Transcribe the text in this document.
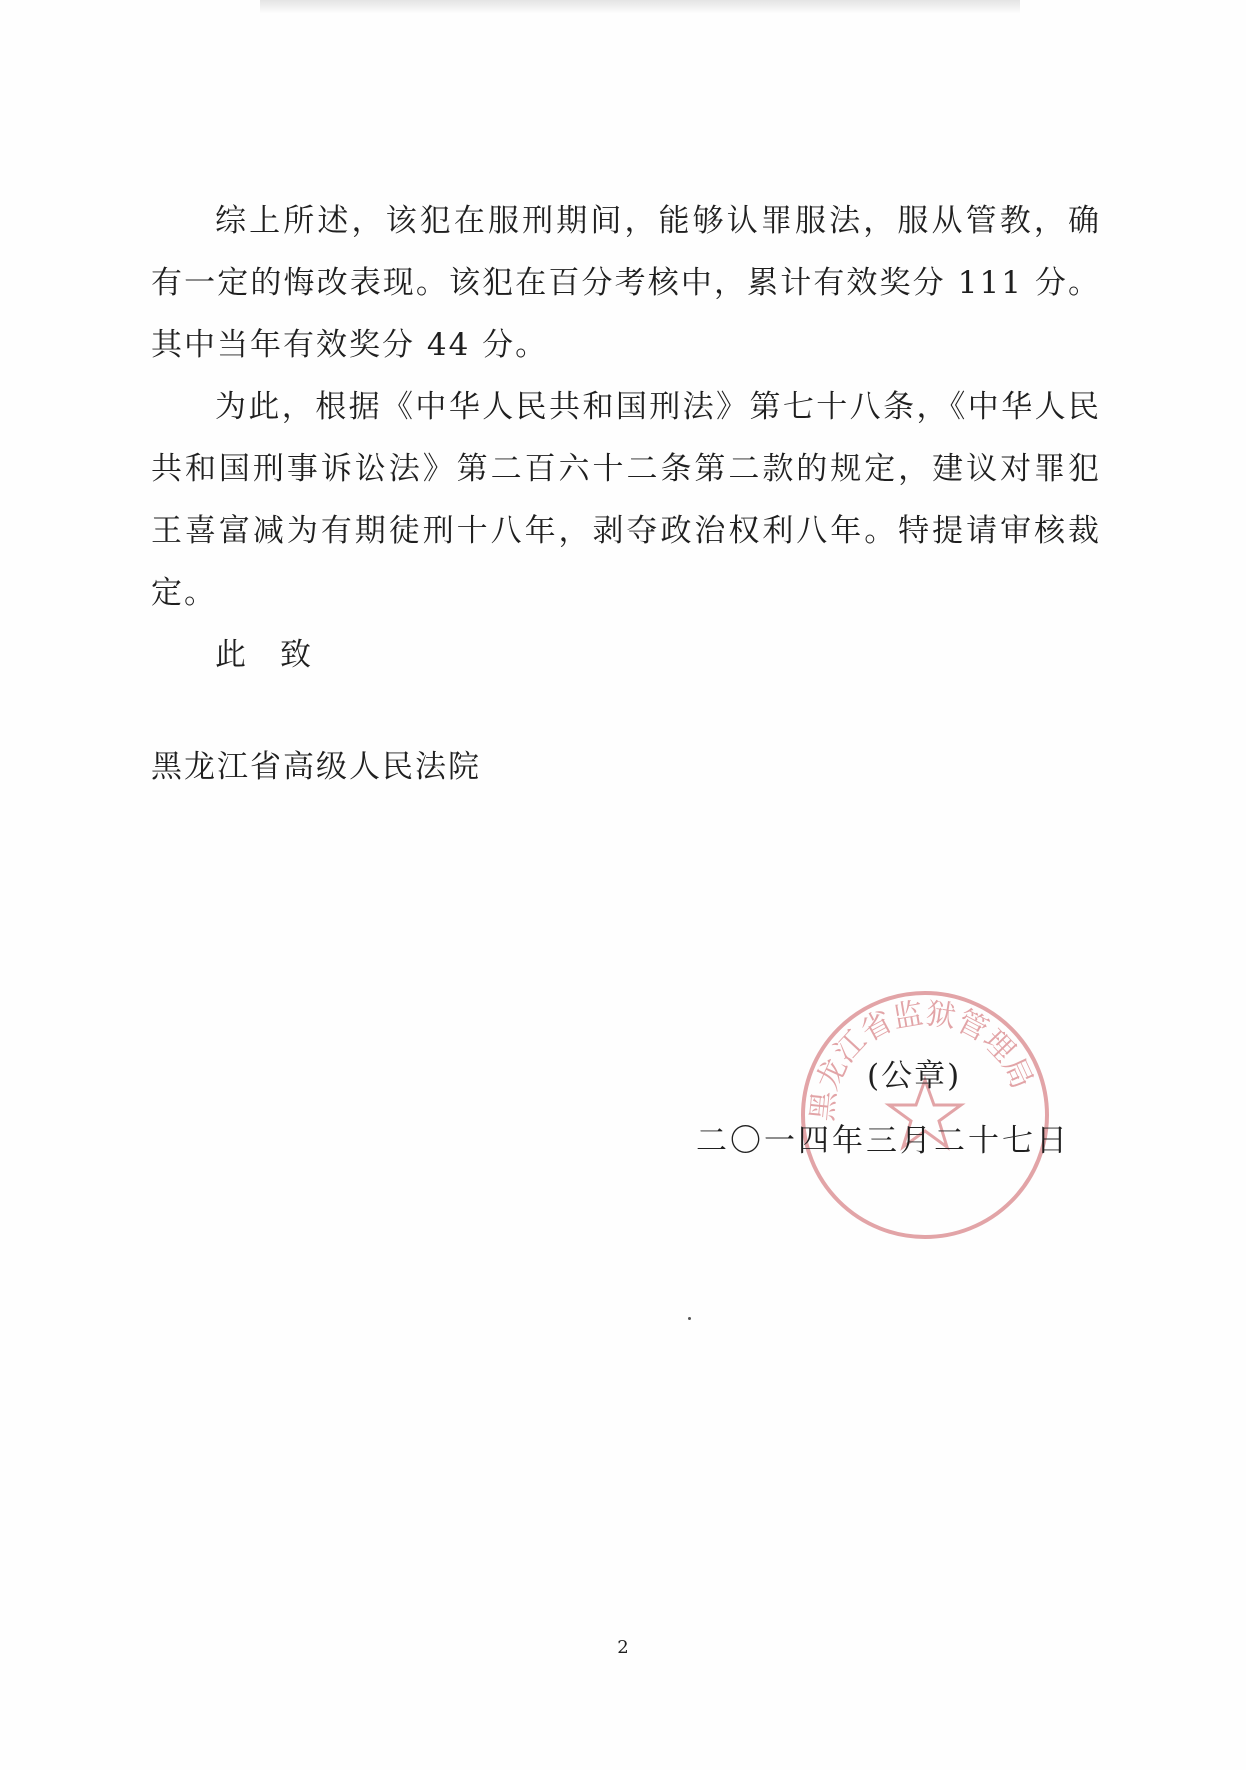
综上所述，该犯在服刑期间，能够认罪服法，服从管教，确有一定的悔改表现。该犯在百分考核中，累计有效奖分 111 分。其中当年有效奖分 44 分。

为此，根据《中华人民共和国刑法》第七十八条，《中华人民共和国刑事诉讼法》第二百六十二条第二款的规定，建议对罪犯王喜富减为有期徒刑十八年，剥夺政治权利八年。特提请审核裁定。

此 致

黑龙江省高级人民法院
黑龙江省监狱管理局
(公章)
二〇一四年三月二十七日
2
